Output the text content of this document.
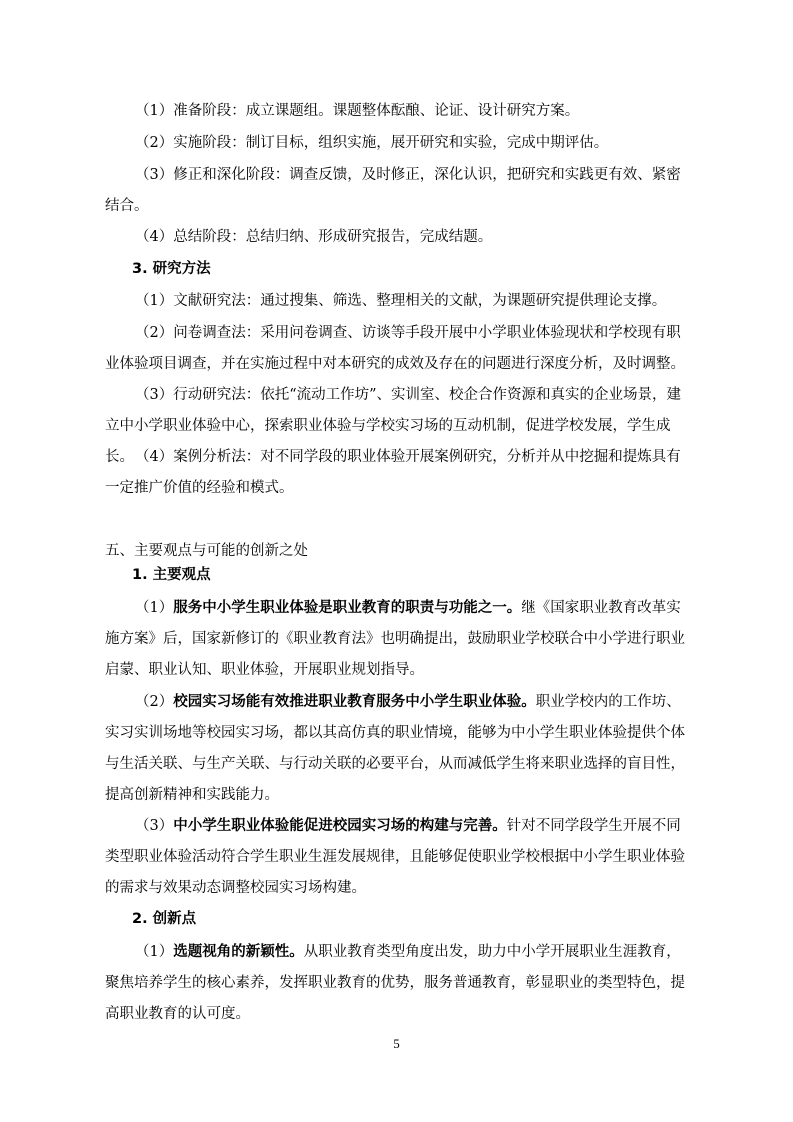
（1）准备阶段：成立课题组。课题整体酝酿、论证、设计研究方案。

（2）实施阶段：制订目标，组织实施，展开研究和实验，完成中期评估。

（3）修正和深化阶段：调查反馈，及时修正，深化认识，把研究和实践更有效、紧密结合。

（4）总结阶段：总结归纳、形成研究报告，完成结题。

3. 研究方法

（1）文献研究法：通过搜集、筛选、整理相关的文献，为课题研究提供理论支撑。

（2）问卷调查法：采用问卷调查、访谈等手段开展中小学职业体验现状和学校现有职业体验项目调查，并在实施过程中对本研究的成效及存在的问题进行深度分析，及时调整。

（3）行动研究法：依托“流动工作坊”、实训室、校企合作资源和真实的企业场景，建立中小学职业体验中心，探索职业体验与学校实习场的互动机制，促进学校发展，学生成长。 （4）案例分析法：对不同学段的职业体验开展案例研究，分析并从中挖掘和提炼具有一定推广价值的经验和模式。

五、主要观点与可能的创新之处

1. 主要观点

（1）服务中小学生职业体验是职业教育的职责与功能之一。继《国家职业教育改革实施方案》后，国家新修订的《职业教育法》也明确提出，鼓励职业学校联合中小学进行职业启蒙、职业认知、职业体验，开展职业规划指导。

（2）校园实习场能有效推进职业教育服务中小学生职业体验。职业学校内的工作坊、实习实训场地等校园实习场，都以其高仿真的职业情境，能够为中小学生职业体验提供个体与生活关联、与生产关联、与行动关联的必要平台，从而减低学生将来职业选择的盲目性，提高创新精神和实践能力。

（3）中小学生职业体验能促进校园实习场的构建与完善。针对不同学段学生开展不同类型职业体验活动符合学生职业生涯发展规律，且能够促使职业学校根据中小学生职业体验的需求与效果动态调整校园实习场构建。

2. 创新点

（1）选题视角的新颖性。从职业教育类型角度出发，助力中小学开展职业生涯教育，聚焦培养学生的核心素养，发挥职业教育的优势，服务普通教育，彰显职业的类型特色，提高职业教育的认可度。

5
